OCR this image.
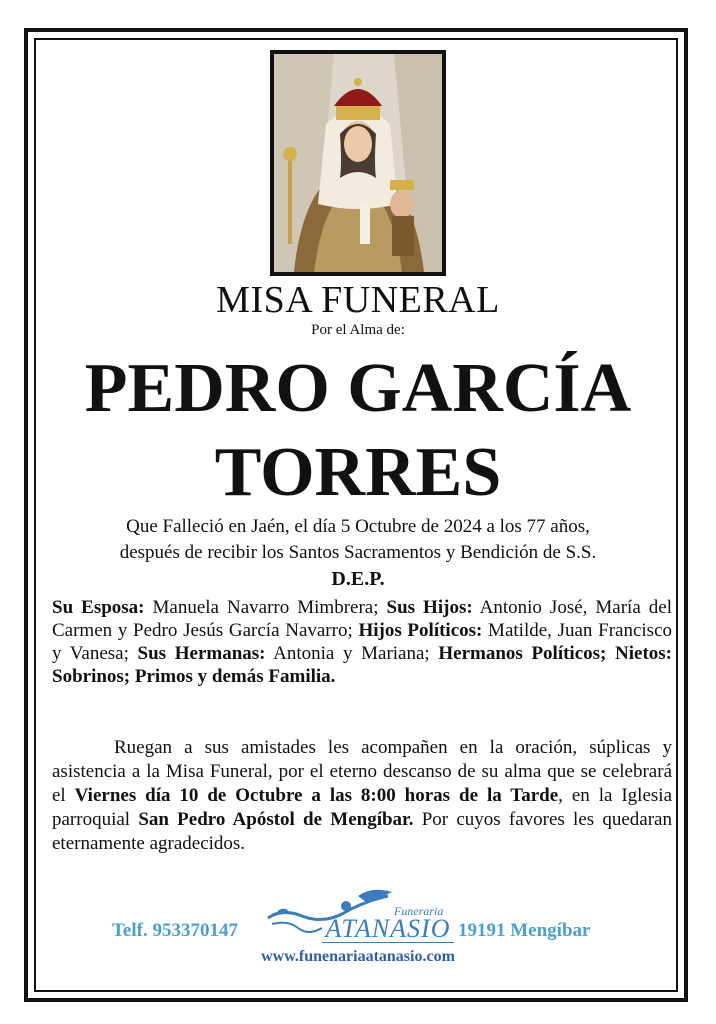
MISA FUNERAL
Por el Alma de:
PEDRO GARCÍA
TORRES
Que Falleció en Jaén, el día 5 Octubre de 2024 a los 77 años,
después de recibir los Santos Sacramentos y Bendición de S.S.
D.E.P.
Su Esposa: Manuela Navarro Mimbrera; Sus Hijos: Antonio José, María del Carmen y Pedro Jesús García Navarro; Hijos Políticos: Matilde, Juan Francisco y Vanesa; Sus Hermanas: Antonia y Mariana; Hermanos Políticos; Nietos: Sobrinos; Primos y demás Familia.
Ruegan a sus amistades les acompañen en la oración, súplicas y asistencia a la Misa Funeral, por el eterno descanso de su alma que se celebrará el Viernes día 10 de Octubre a las 8:00 horas de la Tarde, en la Iglesia parroquial San Pedro Apóstol de Mengíbar. Por cuyos favores les quedaran eternamente agradecidos.
Telf. 953370147
Funeraria
ATANASIO 19191 Mengíbar
www.funenariaatanasio.com
